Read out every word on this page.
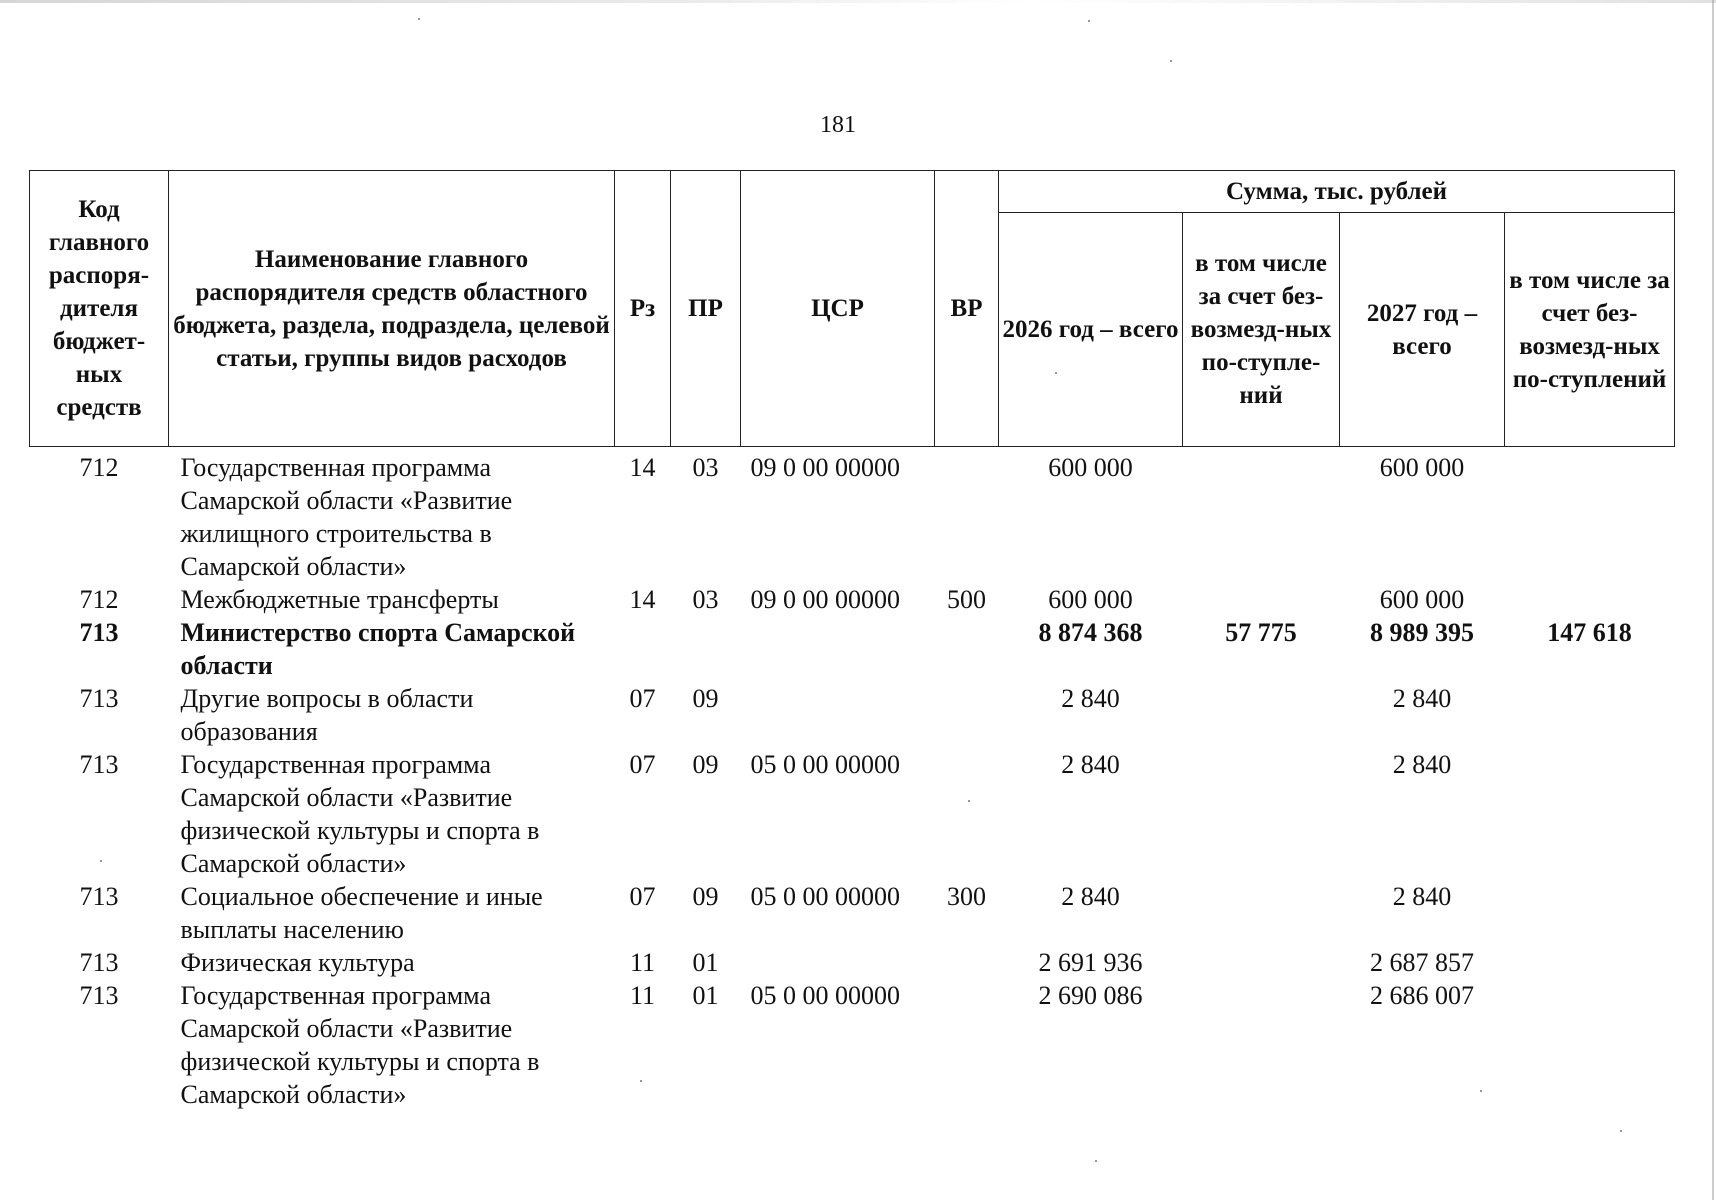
181
Код главного распоря-дителя бюджет-ных средств	Наименование главного распорядителя средств областного бюджета, раздела, подраздела, целевой статьи, группы видов расходов	Рз	ПР	ЦСР	ВР	Сумма, тыс. рублей			
						2026 год – всего	в том числе за счет без-возмезд-ных по-ступле-ний	2027 год – всего	в том числе за счет без-возмезд-ных по-ступлений
712	Государственная программа Самарской области «Развитие жилищного строительства в Самарской области»	14	03	09 0 00 00000		600 000		600 000	
712	Межбюджетные трансферты	14	03	09 0 00 00000	500	600 000		600 000	
713	Министерство спорта Самарской области					8 874 368	57 775	8 989 395	147 618
713	Другие вопросы в области образования	07	09			2 840		2 840	
713	Государственная программа Самарской области «Развитие физической культуры и спорта в Самарской области»	07	09	05 0 00 00000		2 840		2 840	
713	Социальное обеспечение и иные выплаты населению	07	09	05 0 00 00000	300	2 840		2 840	
713	Физическая культура	11	01			2 691 936		2 687 857	
713	Государственная программа Самарской области «Развитие физической культуры и спорта в Самарской области»	11	01	05 0 00 00000		2 690 086		2 686 007	
